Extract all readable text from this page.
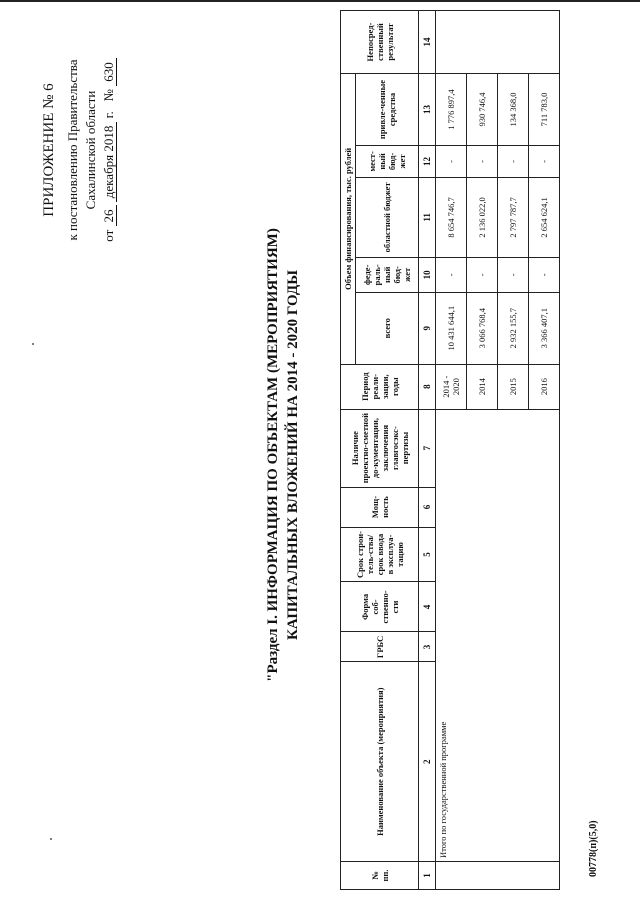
ПРИЛОЖЕНИЕ № 6 к постановлению Правительства Сахалинской области
от 26 декабря 2018 г.   № 630
"Раздел I. ИНФОРМАЦИЯ ПО ОБЪЕКТАМ (МЕРОПРИЯТИЯМ) КАПИТАЛЬНЫХ ВЛОЖЕНИЙ НА 2014 - 2020 ГОДЫ
№ пп.	Наименование объекта (мероприятия)	ГРБС	Форма соб-ственно-сти	Срок строи-тель-ства/срок ввода в эксплуа-тацию	Мощ-ность	Наличие проектно-сметной до-кументации, заключения главгосэкс-пертизы	Период реали-зации, годы	Объем финансирования, тыс. рублей					Непосред-ственный результат
								всего	феде-раль-ный бюд-жет	областной бюджет	мест-ный бюд-жет	привле-ченные средства	
1	2	3	4	5	6	7	8	9	10	11	12	13	14
	Итого по государственной программе						2014 - 2020	10 431 644,1	-	8 654 746,7	-	1 776 897,4	
							2014	3 066 768,4	-	2 136 022,0	-	930 746,4	
							2015	2 932 155,7	-	2 797 787,7	-	134 368,0	
							2016	3 366 407,1	-	2 654 624,1	-	711 783,0	
00778(п)(5,0)
